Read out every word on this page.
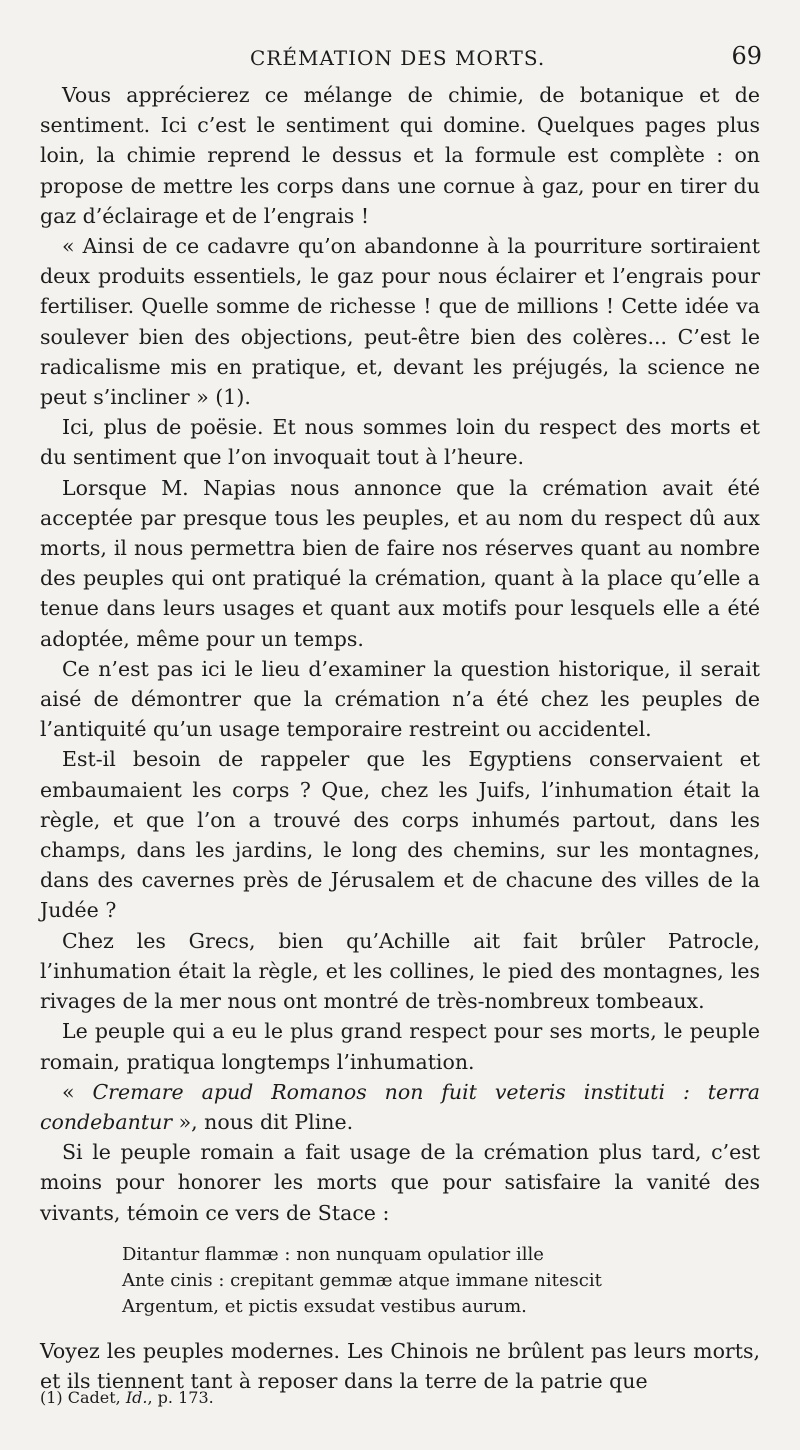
CRÉMATION DES MORTS.	69

Vous apprécierez ce mélange de chimie, de botanique et de sentiment. Ici c’est le sentiment qui domine. Quelques pages plus loin, la chimie reprend le dessus et la formule est complète : on propose de mettre les corps dans une cornue à gaz, pour en tirer du gaz d’éclairage et de l’engrais !

« Ainsi de ce cadavre qu’on abandonne à la pourriture sortiraient deux produits essentiels, le gaz pour nous éclairer et l’engrais pour fertiliser. Quelle somme de richesse ! que de millions ! Cette idée va soulever bien des objections, peut-être bien des colères... C’est le radicalisme mis en pratique, et, devant les préjugés, la science ne peut s’incliner » (1).

Ici, plus de poësie. Et nous sommes loin du respect des morts et du sentiment que l’on invoquait tout à l’heure.

Lorsque M. Napias nous annonce que la crémation avait été acceptée par presque tous les peuples, et au nom du respect dû aux morts, il nous permettra bien de faire nos réserves quant au nombre des peuples qui ont pratiqué la crémation, quant à la place qu’elle a tenue dans leurs usages et quant aux motifs pour lesquels elle a été adoptée, même pour un temps.

Ce n’est pas ici le lieu d’examiner la question historique, il serait aisé de démontrer que la crémation n’a été chez les peuples de l’antiquité qu’un usage temporaire restreint ou accidentel.

Est-il besoin de rappeler que les Egyptiens conservaient et embaumaient les corps ? Que, chez les Juifs, l’inhumation était la règle, et que l’on a trouvé des corps inhumés partout, dans les champs, dans les jardins, le long des chemins, sur les montagnes, dans des cavernes près de Jérusalem et de chacune des villes de la Judée ?

Chez les Grecs, bien qu’Achille ait fait brûler Patrocle, l’inhumation était la règle, et les collines, le pied des montagnes, les rivages de la mer nous ont montré de très-nombreux tombeaux.

Le peuple qui a eu le plus grand respect pour ses morts, le peuple romain, pratiqua longtemps l’inhumation.

« Cremare apud Romanos non fuit veteris instituti : terra condebantur », nous dit Pline.

Si le peuple romain a fait usage de la crémation plus tard, c’est moins pour honorer les morts que pour satisfaire la vanité des vivants, témoin ce vers de Stace :

Ditantur flammæ : non nunquam opulatior ille
Ante cinis : crepitant gemmæ atque immane nitescit
Argentum, et pictis exsudat vestibus aurum.

Voyez les peuples modernes. Les Chinois ne brûlent pas leurs morts, et ils tiennent tant à reposer dans la terre de la patrie que

(1) Cadet, Id., p. 173.
